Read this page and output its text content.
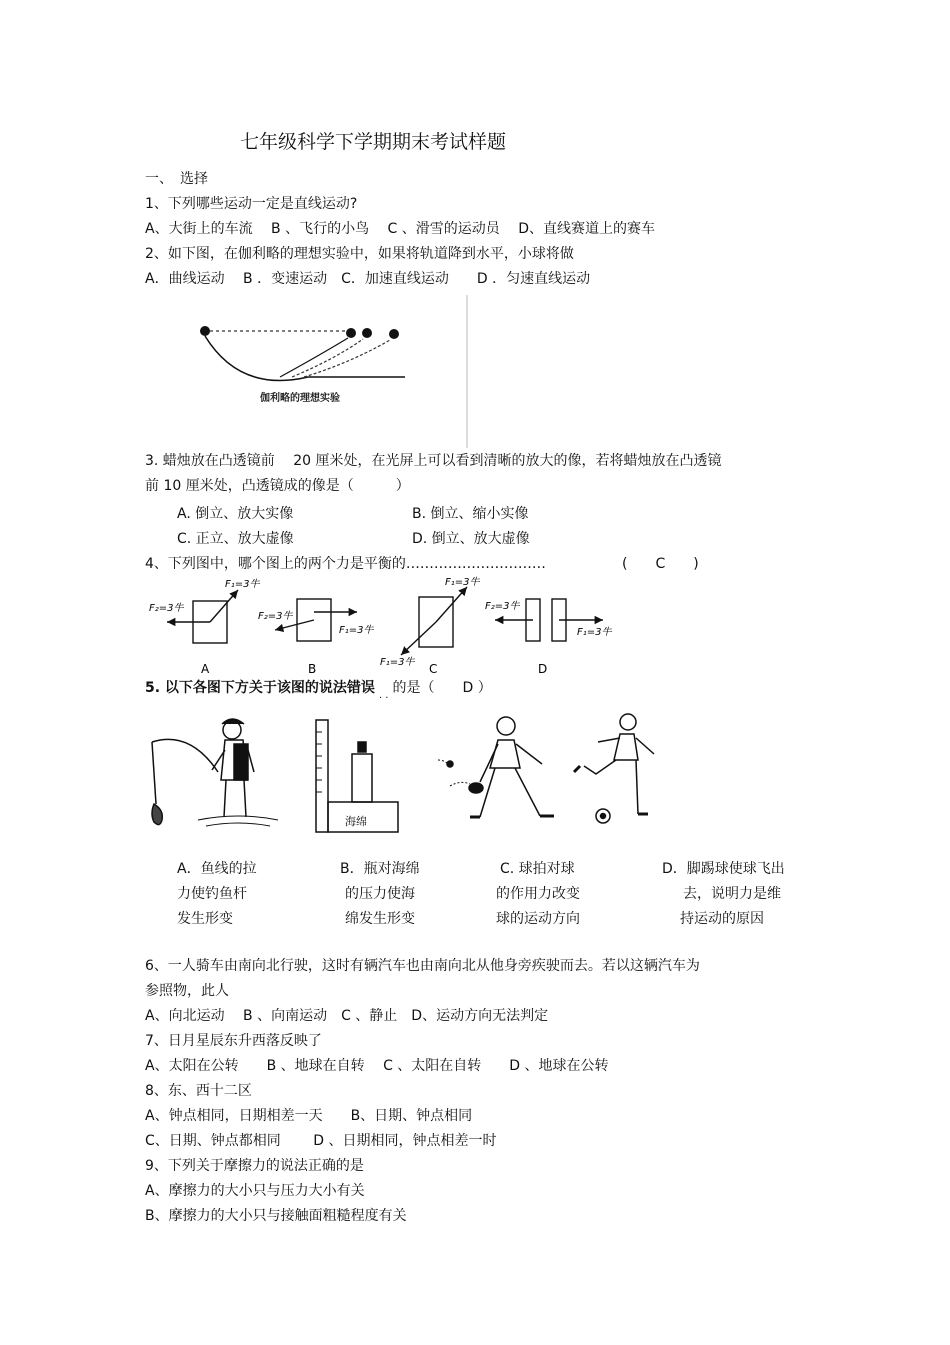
七年级科学下学期期末考试样题
一、　选择
1、下列哪些运动一定是直线运动?
A、大街上的车流　 B 、飞行的小鸟　 C 、滑雪的运动员　 D、直线赛道上的赛车
2、如下图，在伽利略的理想实验中，如果将轨道降到水平，小球将做
A．曲线运动　 B ．变速运动　C．加速直线运动　　D ．匀速直线运动
伽利略的理想实验
3. 蜡烛放在凸透镜前　 20 厘米处，在光屏上可以看到清晰的放大的像，若将蜡烛放在凸透镜
前 10 厘米处，凸透镜成的像是（　　　）
A. 倒立、放大实像	B. 倒立、缩小实像
C. 正立、放大虚像	D. 倒立、放大虚像
4、下列图中，哪个图上的两个力是平衡的…………………………	(　　C　　)
F₂=3牛
F₁=3牛
A
F₂=3牛
F₁=3牛
B
F₁=3牛
F₁=3牛 C
F₂=3牛
F₁=3牛
D
5. 以下各图下方关于该图的说法错误 $_{. .}$ 的是（　　D ）
海绵
A．鱼线的拉
力使钓鱼杆
发生形变
B．瓶对海绵
的压力使海
绵发生形变
C. 球拍对球
的作用力改变
球的运动方向
D．脚踢球使球飞出
去，说明力是维
持运动的原因
6、一人骑车由南向北行驶，这时有辆汽车也由南向北从他身旁疾驶而去。若以这辆汽车为
参照物，此人
A、向北运动　 B 、向南运动　C 、静止　D、运动方向无法判定
7、日月星辰东升西落反映了
A、太阳在公转　　B 、地球在自转　 C 、太阳在自转　　D 、地球在公转
8、东、西十二区
A、钟点相同，日期相差一天　　B、日期、钟点相同
C、日期、钟点都相同　　 D 、日期相同，钟点相差一时
9、下列关于摩擦力的说法正确的是
A、摩擦力的大小只与压力大小有关
B、摩擦力的大小只与接触面粗糙程度有关
